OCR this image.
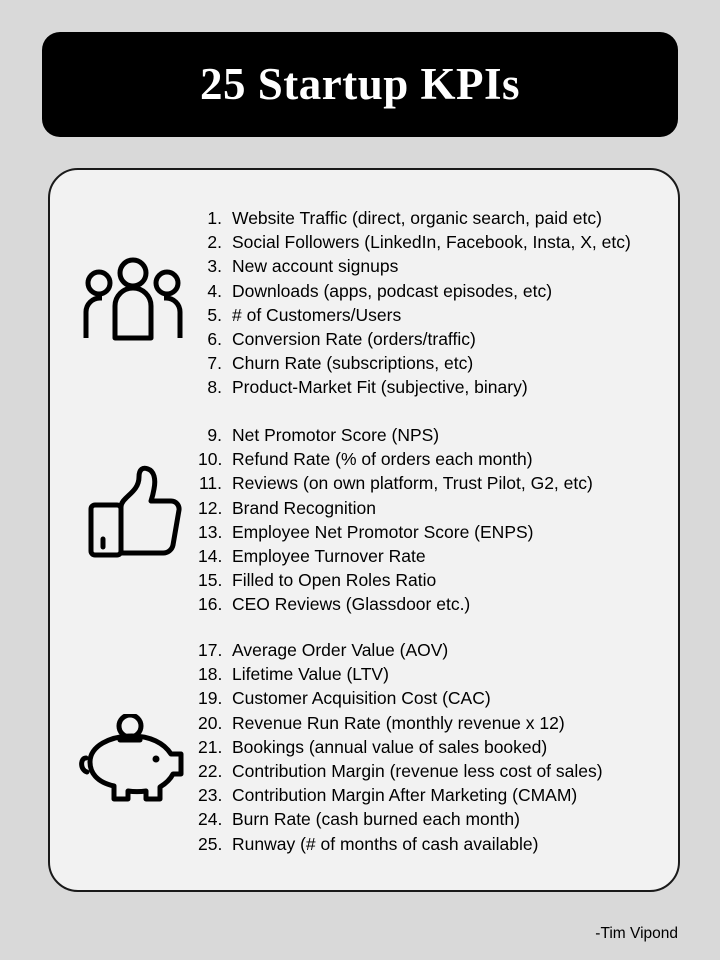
25 Startup KPIs
1. Website Traffic (direct, organic search, paid etc)
2. Social Followers (LinkedIn, Facebook, Insta, X, etc)
3. New account signups
4. Downloads (apps, podcast episodes, etc)
5. # of Customers/Users
6. Conversion Rate (orders/traffic)
7. Churn Rate (subscriptions, etc)
8. Product-Market Fit (subjective, binary)
9. Net Promotor Score (NPS)
10. Refund Rate (% of orders each month)
11. Reviews (on own platform, Trust Pilot, G2, etc)
12. Brand Recognition
13. Employee Net Promotor Score (ENPS)
14. Employee Turnover Rate
15. Filled to Open Roles Ratio
16. CEO Reviews (Glassdoor etc.)
17. Average Order Value (AOV)
18. Lifetime Value (LTV)
19. Customer Acquisition Cost (CAC)
20. Revenue Run Rate (monthly revenue x 12)
21. Bookings (annual value of sales booked)
22. Contribution Margin (revenue less cost of sales)
23. Contribution Margin After Marketing (CMAM)
24. Burn Rate (cash burned each month)
25. Runway (# of months of cash available)
-Tim Vipond
